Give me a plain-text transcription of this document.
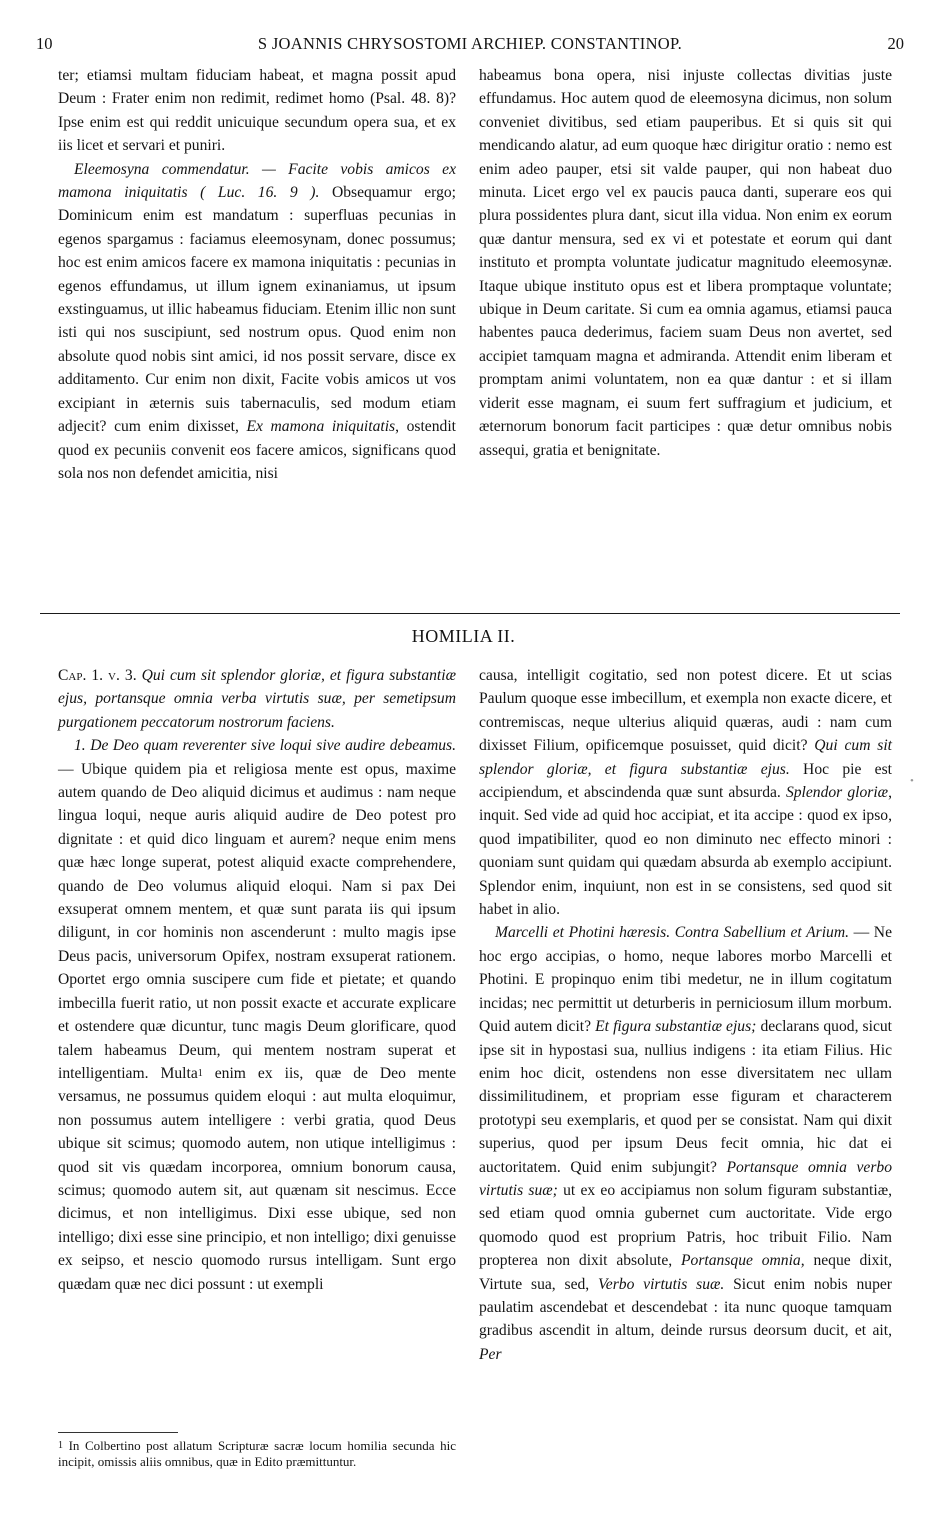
10	S JOANNIS CHRYSOSTOMI ARCHIEP. CONSTANTINOP.	20

ter; etiamsi multam fiduciam habeat, et magna possit apud Deum : Frater enim non redimit, redimet homo (Psal. 48. 8)? Ipse enim est qui reddit unicuique secundum opera sua, et ex iis licet et servari et puniri.

Eleemosyna commendatur. — Facite vobis amicos ex mamona iniquitatis ( Luc. 16. 9 ). Obsequamur ergo; Dominicum enim est mandatum : superfluas pecunias in egenos spargamus : faciamus eleemosynam, donec possumus; hoc est enim amicos facere ex mamona iniquitatis : pecunias in egenos effundamus, ut illum ignem exinaniamus, ut ipsum exstinguamus, ut illic habeamus fiduciam. Etenim illic non sunt isti qui nos suscipiunt, sed nostrum opus. Quod enim non absolute quod nobis sint amici, id nos possit servare, disce ex additamento. Cur enim non dixit, Facite vobis amicos ut vos excipiant in æternis suis tabernaculis, sed modum etiam adjecit? cum enim dixisset, Ex mamona iniquitatis, ostendit quod ex pecuniis convenit eos facere amicos, significans quod sola nos non defendet amicitia, nisi

habeamus bona opera, nisi injuste collectas divitias juste effundamus. Hoc autem quod de eleemosyna dicimus, non solum conveniet divitibus, sed etiam pauperibus. Et si quis sit qui mendicando alatur, ad eum quoque hæc dirigitur oratio : nemo est enim adeo pauper, etsi sit valde pauper, qui non habeat duo minuta. Licet ergo vel ex paucis pauca danti, superare eos qui plura possidentes plura dant, sicut illa vidua. Non enim ex eorum quæ dantur mensura, sed ex vi et potestate et eorum qui dant instituto et prompta voluntate judicatur magnitudo eleemosynæ. Itaque ubique instituto opus est et libera promptaque voluntate; ubique in Deum caritate. Si cum ea omnia agamus, etiamsi pauca habentes pauca dederimus, faciem suam Deus non avertet, sed accipiet tamquam magna et admiranda. Attendit enim liberam et promptam animi voluntatem, non ea quæ dantur : et si illam viderit esse magnam, ei suum fert suffragium et judicium, et æternorum bonorum facit participes : quæ detur omnibus nobis assequi, gratia et benignitate.

HOMILIA II.

Cap. 1. v. 3. Qui cum sit splendor gloriæ, et figura substantiæ ejus, portansque omnia verba virtutis suæ, per semetipsum purgationem peccatorum nostrorum faciens.

1. De Deo quam reverenter sive loqui sive audire debeamus. — Ubique quidem pia et religiosa mente est opus, maxime autem quando de Deo aliquid dicimus et audimus : nam neque lingua loqui, neque auris aliquid audire de Deo potest pro dignitate : et quid dico linguam et aurem? neque enim mens quæ hæc longe superat, potest aliquid exacte comprehendere, quando de Deo volumus aliquid eloqui. Nam si pax Dei exsuperat omnem mentem, et quæ sunt parata iis qui ipsum diligunt, in cor hominis non ascenderunt : multo magis ipse Deus pacis, universorum Opifex, nostram exsuperat rationem. Oportet ergo omnia suscipere cum fide et pietate; et quando imbecilla fuerit ratio, ut non possit exacte et accurate explicare et ostendere quæ dicuntur, tunc magis Deum glorificare, quod talem habeamus Deum, qui mentem nostram superat et intelligentiam. Multa$^1$ enim ex iis, quæ de Deo mente versamus, ne possumus quidem eloqui : aut multa eloquimur, non possumus autem intelligere : verbi gratia, quod Deus ubique sit scimus; quomodo autem, non utique intelligimus : quod sit vis quædam incorporea, omnium bonorum causa, scimus; quomodo autem sit, aut quænam sit nescimus. Ecce dicimus, et non intelligimus. Dixi esse ubique, sed non intelligo; dixi esse sine principio, et non intelligo; dixi genuisse ex seipso, et nescio quomodo rursus intelligam. Sunt ergo quædam quæ nec dici possunt : ut exempli

causa, intelligit cogitatio, sed non potest dicere. Et ut scias Paulum quoque esse imbecillum, et exempla non exacte dicere, et contremiscas, neque ulterius aliquid quæras, audi : nam cum dixisset Filium, opificemque posuisset, quid dicit? Qui cum sit splendor gloriæ, et figura substantiæ ejus. Hoc pie est accipiendum, et abscindenda quæ sunt absurda. Splendor gloriæ, inquit. Sed vide ad quid hoc accipiat, et ita accipe : quod ex ipso, quod impatibiliter, quod eo non diminuto nec effecto minori : quoniam sunt quidam qui quædam absurda ab exemplo accipiunt. Splendor enim, inquiunt, non est in se consistens, sed quod sit habet in alio.

Marcelli et Photini hæresis. Contra Sabellium et Arium. — Ne hoc ergo accipias, o homo, neque labores morbo Marcelli et Photini. E propinquo enim tibi medetur, ne in illum cogitatum incidas; nec permittit ut deturberis in perniciosum illum morbum. Quid autem dicit? Et figura substantiæ ejus; declarans quod, sicut ipse sit in hypostasi sua, nullius indigens : ita etiam Filius. Hic enim hoc dicit, ostendens non esse diversitatem nec ullam dissimilitudinem, et propriam esse figuram et characterem prototypi seu exemplaris, et quod per se consistat. Nam qui dixit superius, quod per ipsum Deus fecit omnia, hic dat ei auctoritatem. Quid enim subjungit? Portansque omnia verbo virtutis suæ; ut ex eo accipiamus non solum figuram substantiæ, sed etiam quod omnia gubernet cum auctoritate. Vide ergo quomodo quod est proprium Patris, hoc tribuit Filio. Nam propterea non dixit absolute, Portansque omnia, neque dixit, Virtute sua, sed, Verbo virtutis suæ. Sicut enim nobis nuper paulatim ascendebat et descendebat : ita nunc quoque tamquam gradibus ascendit in altum, deinde rursus deorsum ducit, et ait, Per

$^1$ In Colbertino post allatum Scripturæ sacræ locum homilia secunda hic incipit, omissis aliis omnibus, quæ in Edito præmittuntur.
•
